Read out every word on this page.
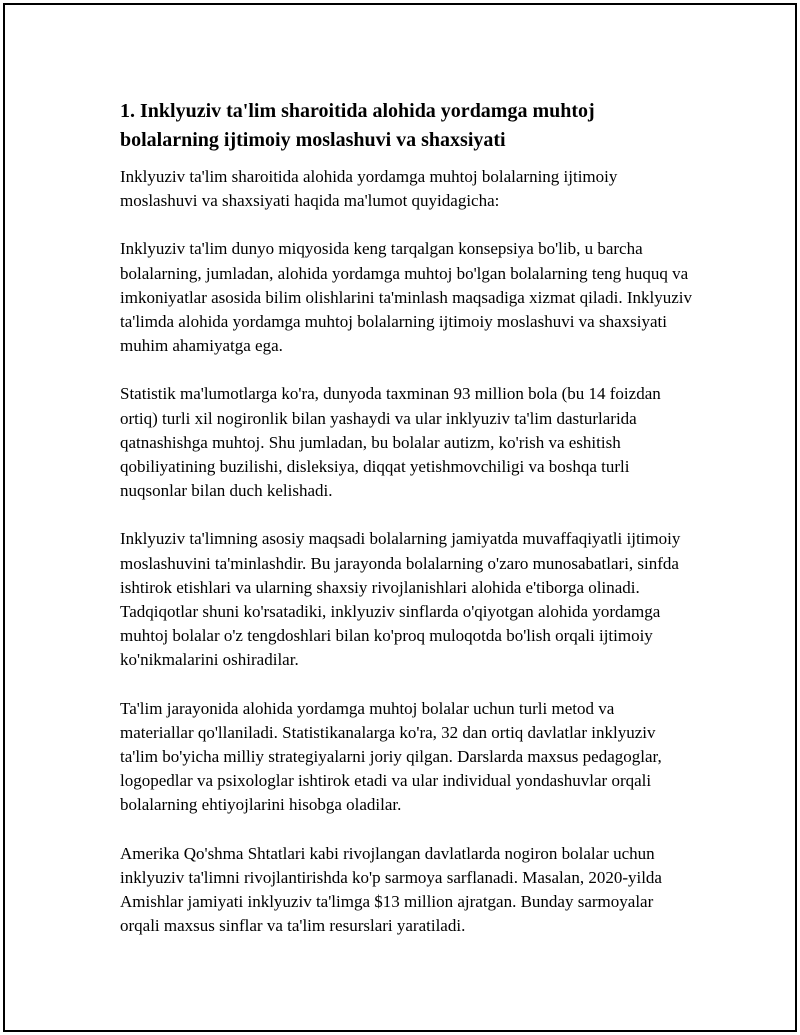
1. Inklyuziv ta'lim sharoitida alohida yordamga muhtoj bolalarning ijtimoiy moslashuvi va shaxsiyati

Inklyuziv ta'lim sharoitida alohida yordamga muhtoj bolalarning ijtimoiy moslashuvi va shaxsiyati haqida ma'lumot quyidagicha:

Inklyuziv ta'lim dunyo miqyosida keng tarqalgan konsepsiya bo'lib, u barcha bolalarning, jumladan, alohida yordamga muhtoj bo'lgan bolalarning teng huquq va imkoniyatlar asosida bilim olishlarini ta'minlash maqsadiga xizmat qiladi. Inklyuziv ta'limda alohida yordamga muhtoj bolalarning ijtimoiy moslashuvi va shaxsiyati muhim ahamiyatga ega.

Statistik ma'lumotlarga ko'ra, dunyoda taxminan 93 million bola (bu 14 foizdan ortiq) turli xil nogironlik bilan yashaydi va ular inklyuziv ta'lim dasturlarida qatnashishga muhtoj. Shu jumladan, bu bolalar autizm, ko'rish va eshitish qobiliyatining buzilishi, disleksiya, diqqat yetishmovchiligi va boshqa turli nuqsonlar bilan duch kelishadi.

Inklyuziv ta'limning asosiy maqsadi bolalarning jamiyatda muvaffaqiyatli ijtimoiy moslashuvini ta'minlashdir. Bu jarayonda bolalarning o'zaro munosabatlari, sinfda ishtirok etishlari va ularning shaxsiy rivojlanishlari alohida e'tiborga olinadi. Tadqiqotlar shuni ko'rsatadiki, inklyuziv sinflarda o'qiyotgan alohida yordamga muhtoj bolalar o'z tengdoshlari bilan ko'proq muloqotda bo'lish orqali ijtimoiy ko'nikmalarini oshiradilar.

Ta'lim jarayonida alohida yordamga muhtoj bolalar uchun turli metod va materiallar qo'llaniladi. Statistikanalarga ko'ra, 32 dan ortiq davlatlar inklyuziv ta'lim bo'yicha milliy strategiyalarni joriy qilgan. Darslarda maxsus pedagoglar, logopedlar va psixologlar ishtirok etadi va ular individual yondashuvlar orqali bolalarning ehtiyojlarini hisobga oladilar.

Amerika Qo'shma Shtatlari kabi rivojlangan davlatlarda nogiron bolalar uchun inklyuziv ta'limni rivojlantirishda ko'p sarmoya sarflanadi. Masalan, 2020-yilda Amishlar jamiyati inklyuziv ta'limga $13 million ajratgan. Bunday sarmoyalar orqali maxsus sinflar va ta'lim resurslari yaratiladi.
